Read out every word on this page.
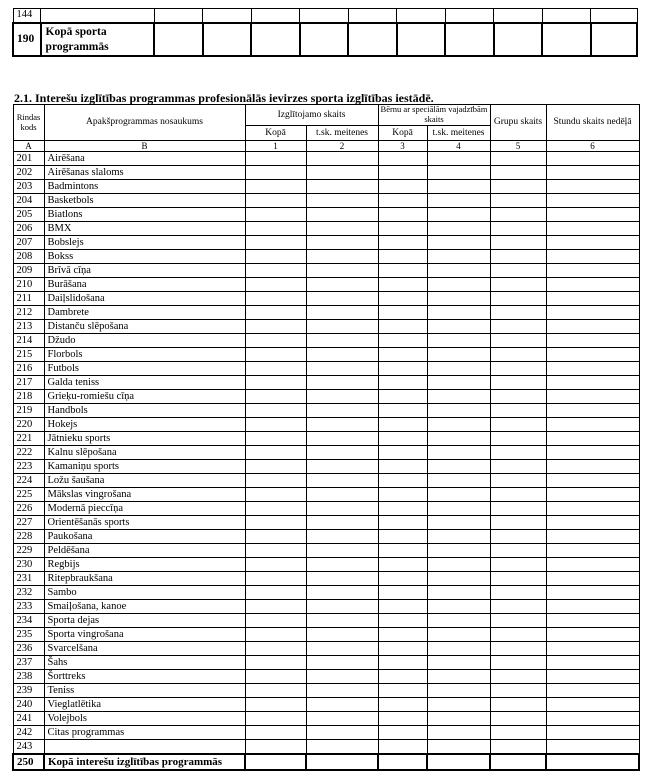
144											
190	Kopā sporta programmās										

2.1. Interešu izglītības programmas profesionālās ievirzes sporta izglītības iestādē.

Rindas kods	Apakšprogrammas nosaukums	Izglītojamo skaits		Bērnu ar speciālām vajadzībām skaits		Grupu skaits	Stundu skaits nedēļā
		Kopā	t.sk. meitenes	Kopā	t.sk. meitenes		
A	B	1	2	3	4	5	6
201	Airēšana						
202	Airēšanas slaloms						
203	Badmintons						
204	Basketbols						
205	Biatlons						
206	BMX						
207	Bobslejs						
208	Bokss						
209	Brīvā cīņa						
210	Burāšana						
211	Daiļslidošana						
212	Dambrete						
213	Distanču slēpošana						
214	Džudo						
215	Florbols						
216	Futbols						
217	Galda teniss						
218	Grieķu-romiešu cīņa						
219	Handbols						
220	Hokejs						
221	Jātnieku sports						
222	Kalnu slēpošana						
223	Kamaniņu sports						
224	Ložu šaušana						
225	Mākslas vingrošana						
226	Modernā pieccīņa						
227	Orientēšanās sports						
228	Paukošana						
229	Peldēšana						
230	Regbijs						
231	Ritepbraukšana						
232	Sambo						
233	Smaiļošana, kanoe						
234	Sporta dejas						
235	Sporta vingrošana						
236	Svarcelšana						
237	Šahs						
238	Šorttreks						
239	Teniss						
240	Vieglatlētika						
241	Volejbols						
242	Citas programmas						
243							
250	Kopā interešu izglītības programmās						
